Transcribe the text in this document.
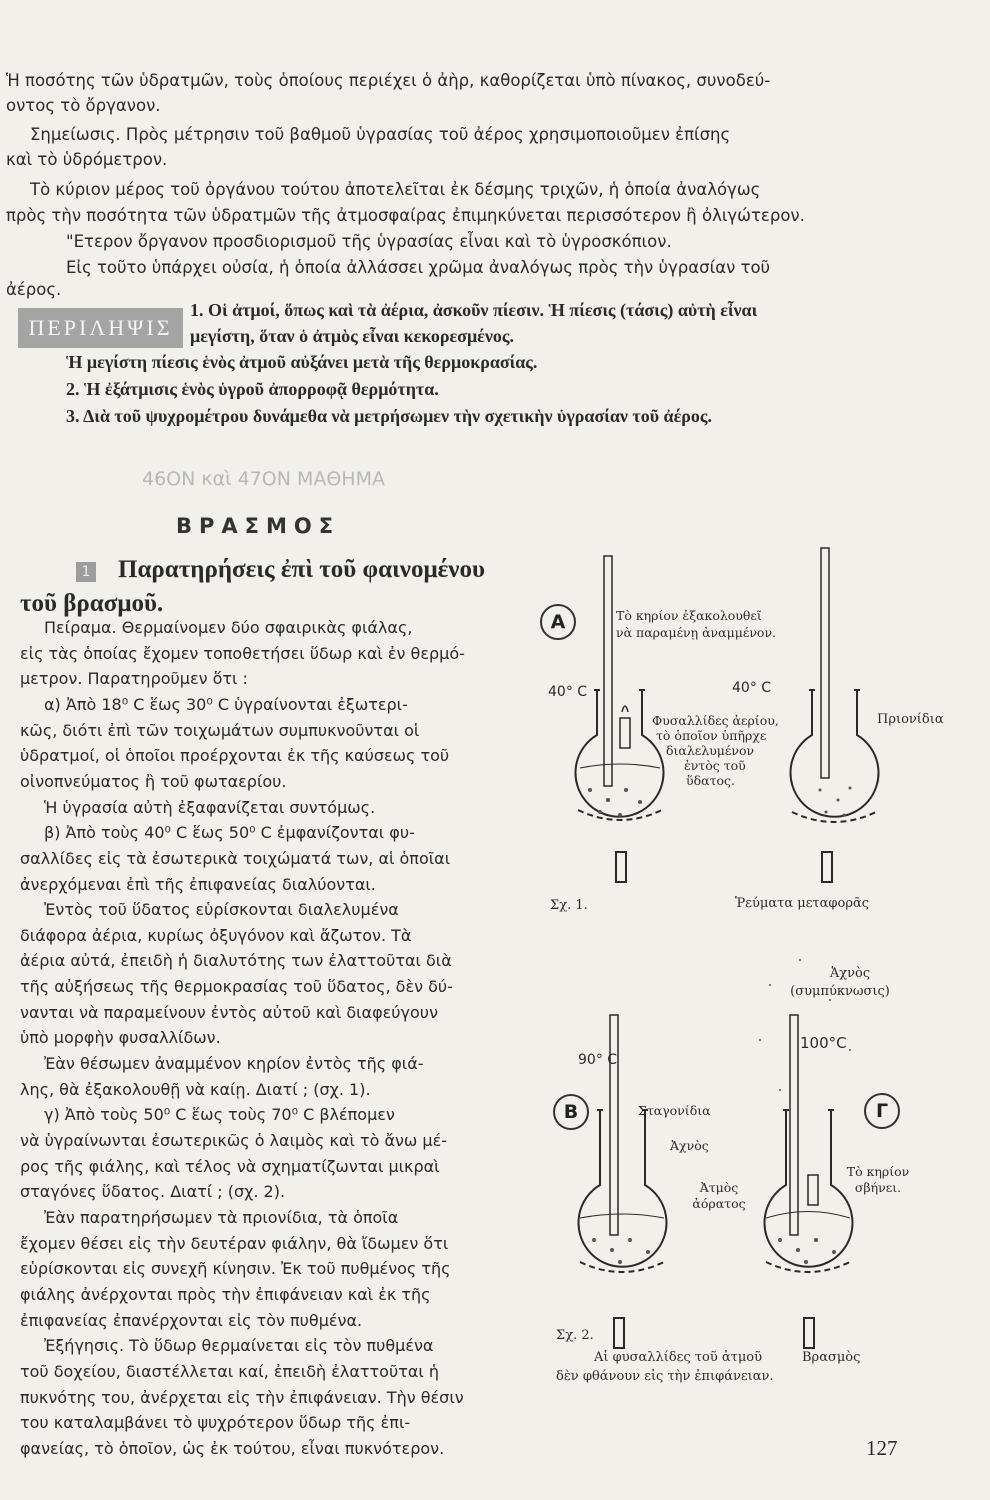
Ἡ ποσότης τῶν ὑδρατμῶν, τοὺς ὁποίους περιέχει ὁ ἀὴρ, καθορίζεται ὑπὸ πίνακος, συνοδεύ-
οντος τὸ ὄργανον.
Σημείωσις. Πρὸς μέτρησιν τοῦ βαθμοῦ ὑγρασίας τοῦ ἀέρος χρησιμοποιοῦμεν ἐπίσης
καὶ τὸ ὑδρόμετρον.
Τὸ κύριον μέρος τοῦ ὀργάνου τούτου ἀποτελεῖται ἐκ δέσμης τριχῶν, ἡ ὁποία ἀναλόγως
πρὸς τὴν ποσότητα τῶν ὑδρατμῶν τῆς ἀτμοσφαίρας ἐπιμηκύνεται περισσότερον ἢ ὀλιγώτερον.
"Ετερον ὄργανον προσδιορισμοῦ τῆς ὑγρασίας εἶναι καὶ τὸ ὑγροσκόπιον.
Εἰς τοῦτο ὑπάρχει οὐσία, ἡ ὁποία ἀλλάσσει χρῶμα ἀναλόγως πρὸς τὴν ὑγρασίαν τοῦ
ἀέρος.
ΠΕΡΙΛΗΨΙΣ
1. Οἱ ἀτμοί, ὅπως καὶ τὰ ἀέρια, ἀσκοῦν πίεσιν. Ἡ πίεσις (τάσις) αὐτὴ εἶναι
μεγίστη, ὅταν ὁ ἀτμὸς εἶναι κεκορεσμένος.
Ἡ μεγίστη πίεσις ἑνὸς ἀτμοῦ αὐξάνει μετὰ τῆς θερμοκρασίας.
2. Ἡ ἐξάτμισις ἑνὸς ὑγροῦ ἀπορροφᾷ θερμότητα.
3. Διὰ τοῦ ψυχρομέτρου δυνάμεθα νὰ μετρήσωμεν τὴν σχετικὴν ὑγρασίαν τοῦ ἀέρος.
46ΟΝ καὶ 47ΟΝ ΜΑΘΗΜΑ
ΒΡΑΣΜΟΣ
1 Παρατηρήσεις ἐπὶ τοῦ φαινομένου
τοῦ βρασμοῦ.
Πείραμα. Θερμαίνομεν δύο σφαιρικὰς φιάλας,
εἰς τὰς ὁποίας ἔχομεν τοποθετήσει ὕδωρ καὶ ἐν θερμό-
μετρον. Παρατηροῦμεν ὅτι :
α) Ἀπὸ 18⁰ C ἕως 30⁰ C ὑγραίνονται ἐξωτερι-
κῶς, διότι ἐπὶ τῶν τοιχωμάτων συμπυκνοῦνται οἱ
ὑδρατμοί, οἱ ὁποῖοι προέρχονται ἐκ τῆς καύσεως τοῦ
οἰνοπνεύματος ἢ τοῦ φωταερίου.
Ἡ ὑγρασία αὐτὴ ἐξαφανίζεται συντόμως.
β) Ἀπὸ τοὺς 40⁰ C ἕως 50⁰ C ἐμφανίζονται φυ-
σαλλίδες εἰς τὰ ἐσωτερικὰ τοιχώματά των, αἱ ὁποῖαι
ἀνερχόμεναι ἐπὶ τῆς ἐπιφανείας διαλύονται.
Ἐντὸς τοῦ ὕδατος εὑρίσκονται διαλελυμένα
διάφορα ἀέρια, κυρίως ὀξυγόνον καὶ ἄζωτον. Τὰ
ἀέρια αὐτά, ἐπειδὴ ἡ διαλυτότης των ἐλαττοῦται διὰ
τῆς αὐξήσεως τῆς θερμοκρασίας τοῦ ὕδατος, δὲν δύ-
νανται νὰ παραμείνουν ἐντὸς αὐτοῦ καὶ διαφεύγουν
ὑπὸ μορφὴν φυσαλλίδων.
Ἐὰν θέσωμεν ἀναμμένον κηρίον ἐντὸς τῆς φιά-
λης, θὰ ἐξακολουθῇ νὰ καίῃ. Διατί ; (σχ. 1).
γ) Ἀπὸ τοὺς 50⁰ C ἕως τοὺς 70⁰ C βλέπομεν
νὰ ὑγραίνωνται ἐσωτερικῶς ὁ λαιμὸς καὶ τὸ ἄνω μέ-
ρος τῆς φιάλης, καὶ τέλος νὰ σχηματίζωνται μικραὶ
σταγόνες ὕδατος. Διατί ; (σχ. 2).
Ἐὰν παρατηρήσωμεν τὰ πριονίδια, τὰ ὁποῖα
ἔχομεν θέσει εἰς τὴν δευτέραν φιάλην, θὰ ἴδωμεν ὅτι
εὑρίσκονται εἰς συνεχῆ κίνησιν. Ἐκ τοῦ πυθμένος τῆς
φιάλης ἀνέρχονται πρὸς τὴν ἐπιφάνειαν καὶ ἐκ τῆς
ἐπιφανείας ἐπανέρχονται εἰς τὸν πυθμένα.
Ἐξήγησις. Τὸ ὕδωρ θερμαίνεται εἰς τὸν πυθμένα
τοῦ δοχείου, διαστέλλεται καί, ἐπειδὴ ἐλαττοῦται ἡ
πυκνότης του, ἀνέρχεται εἰς τὴν ἐπιφάνειαν. Τὴν θέσιν
του καταλαμβάνει τὸ ψυχρότερον ὕδωρ τῆς ἐπι-
φανείας, τὸ ὁποῖον, ὡς ἐκ τούτου, εἶναι πυκνότερον.
Α
40° C	40° C
Τὸ κηρίον ἐξακολουθεῖ
νὰ παραμένῃ ἀναμμένον.
Φυσαλλίδες ἀερίου,
τὸ ὁποῖον ὑπῆρχε
διαλελυμένον
ἐντὸς τοῦ
ὕδατος.
Πριονίδια
Σχ. 1.	Ῥεύματα μεταφορᾶς
Ἀχνὸς
(συμπύκνωσις)
Β	Γ
90° C
100°C
Σταγονίδια
Ἀχνὸς
Ἀτμὸς
ἀόρατος
Τὸ κηρίον
σβήνει.
Σχ. 2.
Αἱ φυσαλλίδες τοῦ ἀτμοῦ
δὲν φθάνουν εἰς τὴν ἐπιφάνειαν.
Βρασμὸς
127
